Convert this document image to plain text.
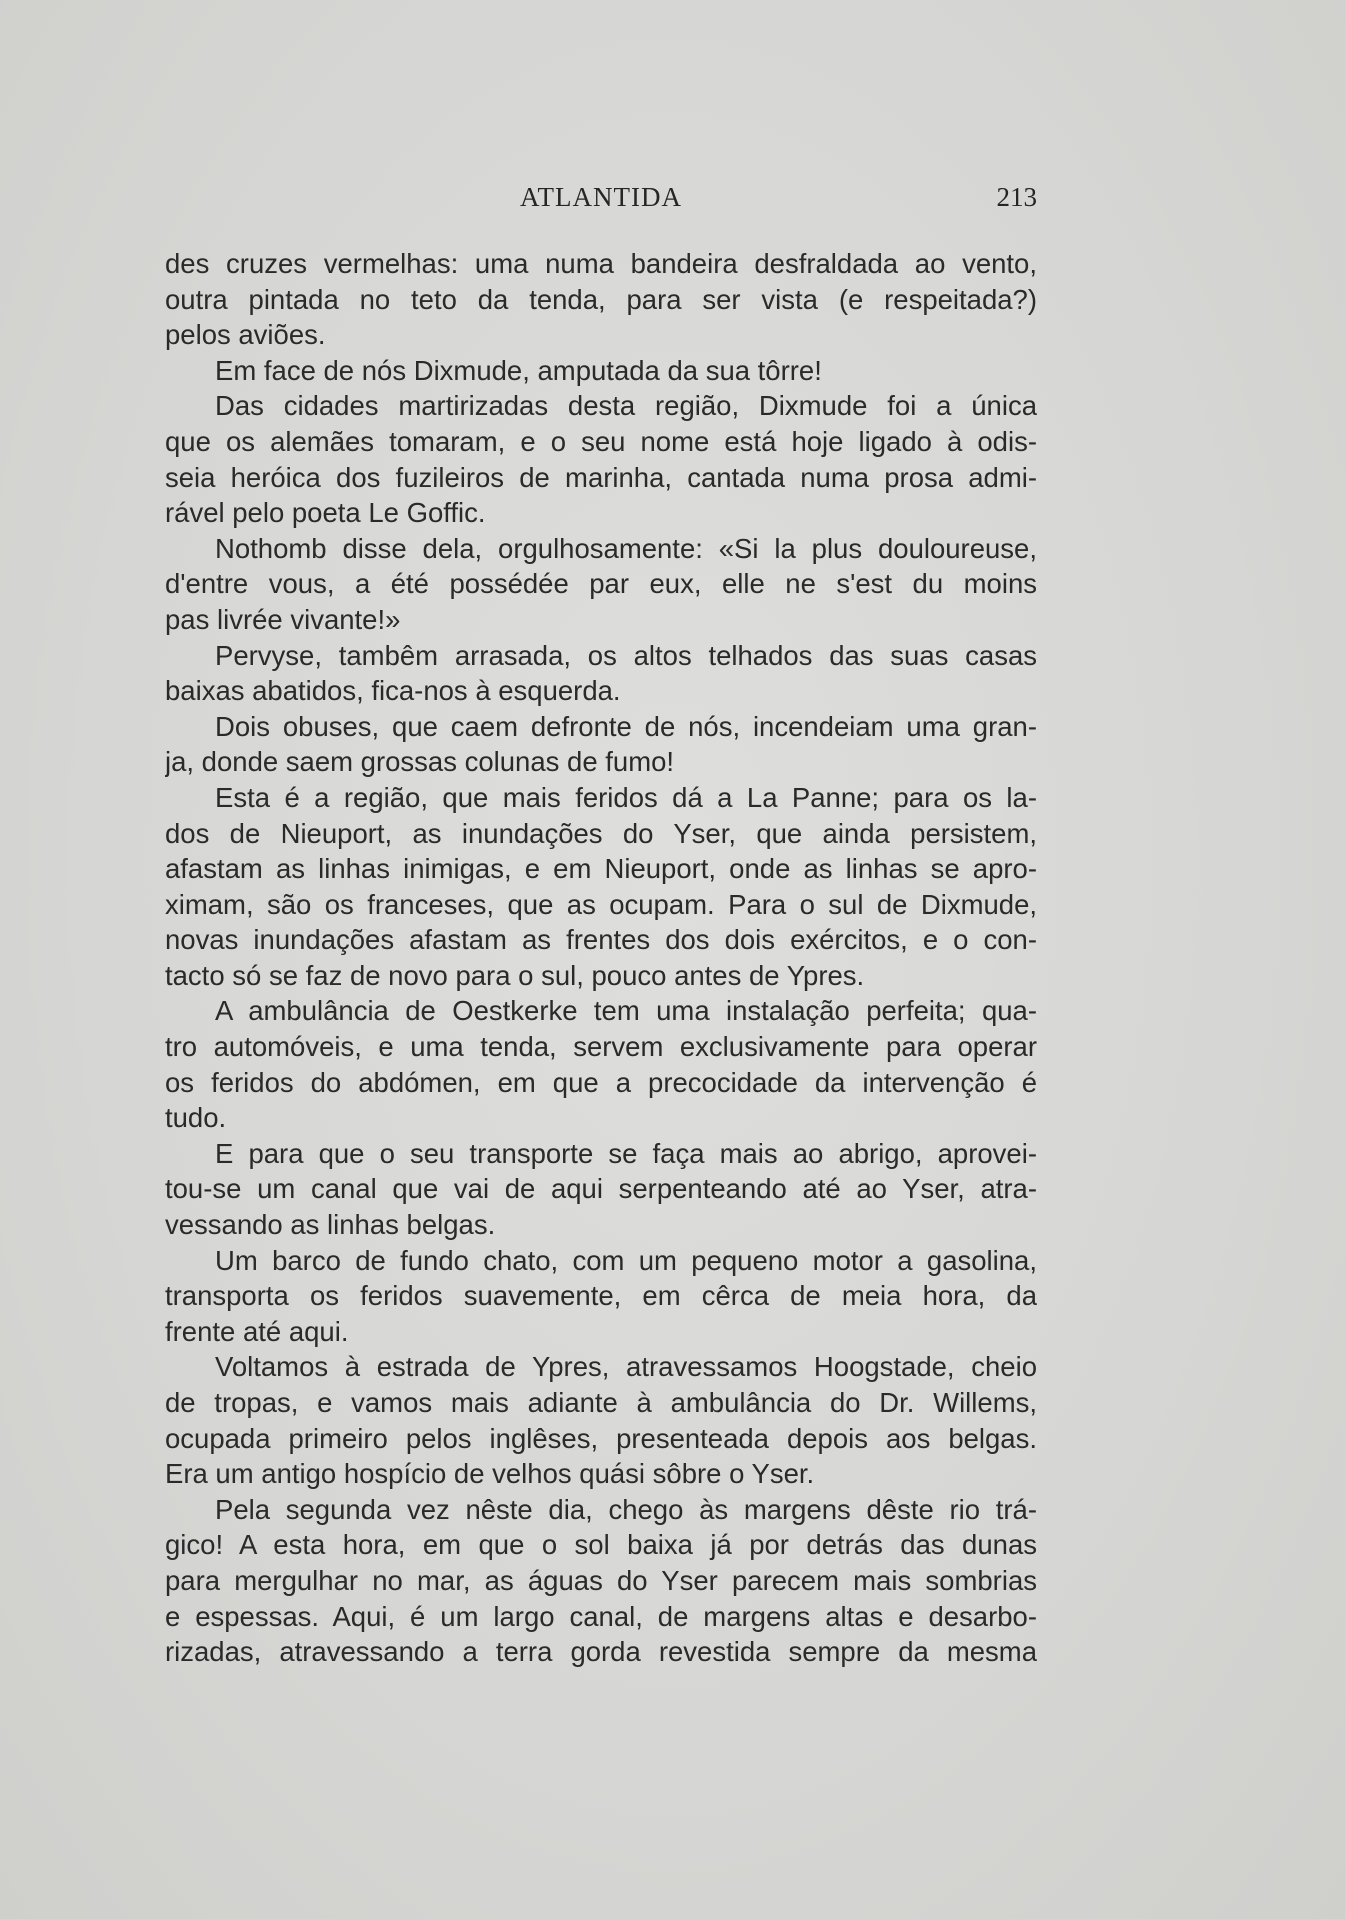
ATLANTIDA	213
des cruzes vermelhas: uma numa bandeira desfraldada ao vento,
outra pintada no teto da tenda, para ser vista (e respeitada?)
pelos aviões.
Em face de nós Dixmude, amputada da sua tôrre!
Das cidades martirizadas desta região, Dixmude foi a única
que os alemães tomaram, e o seu nome está hoje ligado à odis-
seia heróica dos fuzileiros de marinha, cantada numa prosa admi-
rável pelo poeta Le Goffic.
Nothomb disse dela, orgulhosamente: «Si la plus douloureuse,
d'entre vous, a été possédée par eux, elle ne s'est du moins
pas livrée vivante!»
Pervyse, tambêm arrasada, os altos telhados das suas casas
baixas abatidos, fica-nos à esquerda.
Dois obuses, que caem defronte de nós, incendeiam uma gran-
ja, donde saem grossas colunas de fumo!
Esta é a região, que mais feridos dá a La Panne; para os la-
dos de Nieuport, as inundações do Yser, que ainda persistem,
afastam as linhas inimigas, e em Nieuport, onde as linhas se apro-
ximam, são os franceses, que as ocupam. Para o sul de Dixmude,
novas inundações afastam as frentes dos dois exércitos, e o con-
tacto só se faz de novo para o sul, pouco antes de Ypres.
A ambulância de Oestkerke tem uma instalação perfeita; qua-
tro automóveis, e uma tenda, servem exclusivamente para operar
os feridos do abdómen, em que a precocidade da intervenção é
tudo.
E para que o seu transporte se faça mais ao abrigo, aprovei-
tou-se um canal que vai de aqui serpenteando até ao Yser, atra-
vessando as linhas belgas.
Um barco de fundo chato, com um pequeno motor a gasolina,
transporta os feridos suavemente, em cêrca de meia hora, da
frente até aqui.
Voltamos à estrada de Ypres, atravessamos Hoogstade, cheio
de tropas, e vamos mais adiante à ambulância do Dr. Willems,
ocupada primeiro pelos inglêses, presenteada depois aos belgas.
Era um antigo hospício de velhos quási sôbre o Yser.
Pela segunda vez nêste dia, chego às margens dêste rio trá-
gico! A esta hora, em que o sol baixa já por detrás das dunas
para mergulhar no mar, as águas do Yser parecem mais sombrias
e espessas. Aqui, é um largo canal, de margens altas e desarbo-
rizadas, atravessando a terra gorda revestida sempre da mesma
